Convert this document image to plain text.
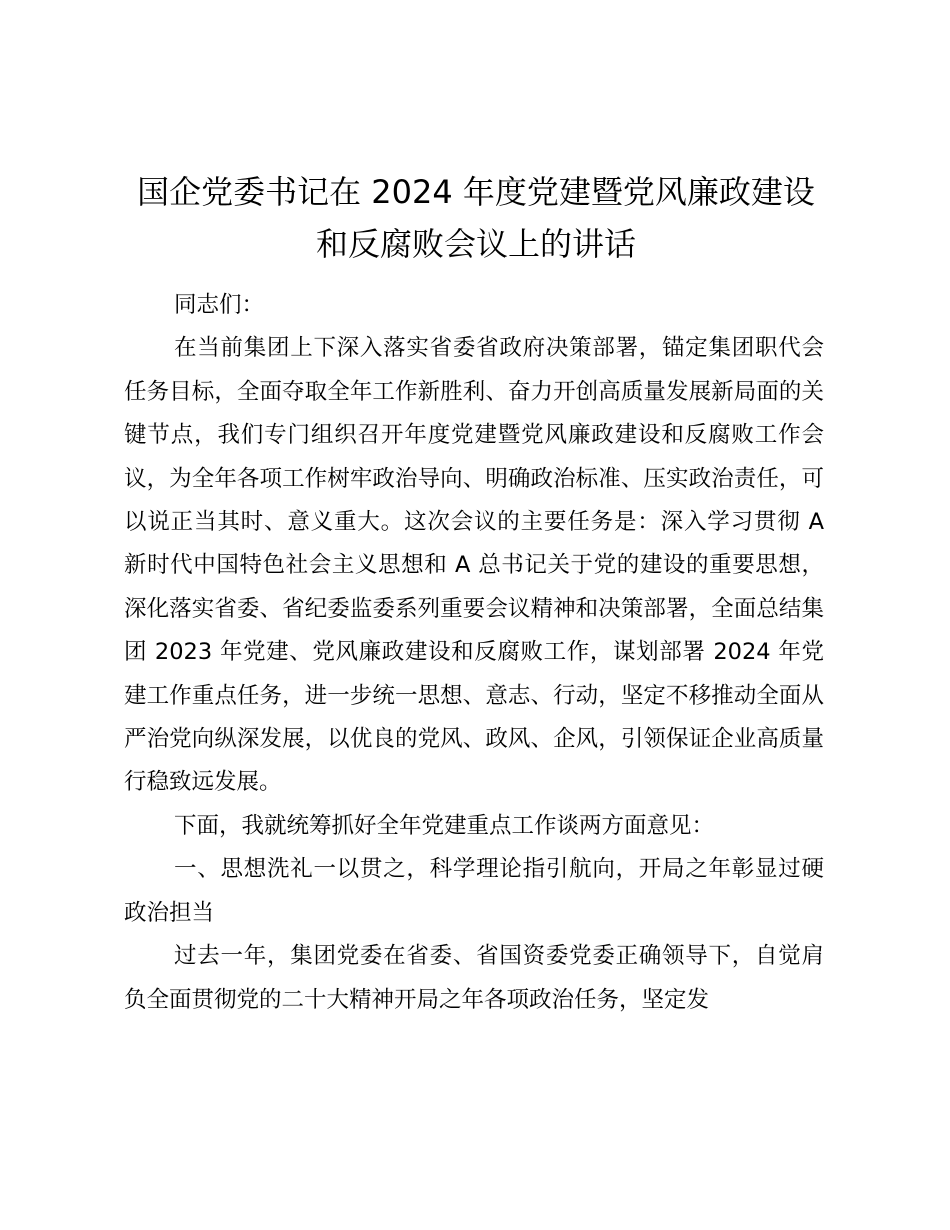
国企党委书记在 2024 年度党建暨党风廉政建设和反腐败会议上的讲话

同志们：

在当前集团上下深入落实省委省政府决策部署，锚定集团职代会任务目标，全面夺取全年工作新胜利、奋力开创高质量发展新局面的关键节点，我们专门组织召开年度党建暨党风廉政建设和反腐败工作会议，为全年各项工作树牢政治导向、明确政治标准、压实政治责任，可以说正当其时、意义重大。这次会议的主要任务是：深入学习贯彻 A 新时代中国特色社会主义思想和 A 总书记关于党的建设的重要思想，深化落实省委、省纪委监委系列重要会议精神和决策部署，全面总结集团 2023 年党建、党风廉政建设和反腐败工作，谋划部署 2024 年党建工作重点任务，进一步统一思想、意志、行动，坚定不移推动全面从严治党向纵深发展，以优良的党风、政风、企风，引领保证企业高质量行稳致远发展。

下面，我就统筹抓好全年党建重点工作谈两方面意见：

一、思想洗礼一以贯之，科学理论指引航向，开局之年彰显过硬政治担当

过去一年，集团党委在省委、省国资委党委正确领导下，自觉肩负全面贯彻党的二十大精神开局之年各项政治任务，坚定发
